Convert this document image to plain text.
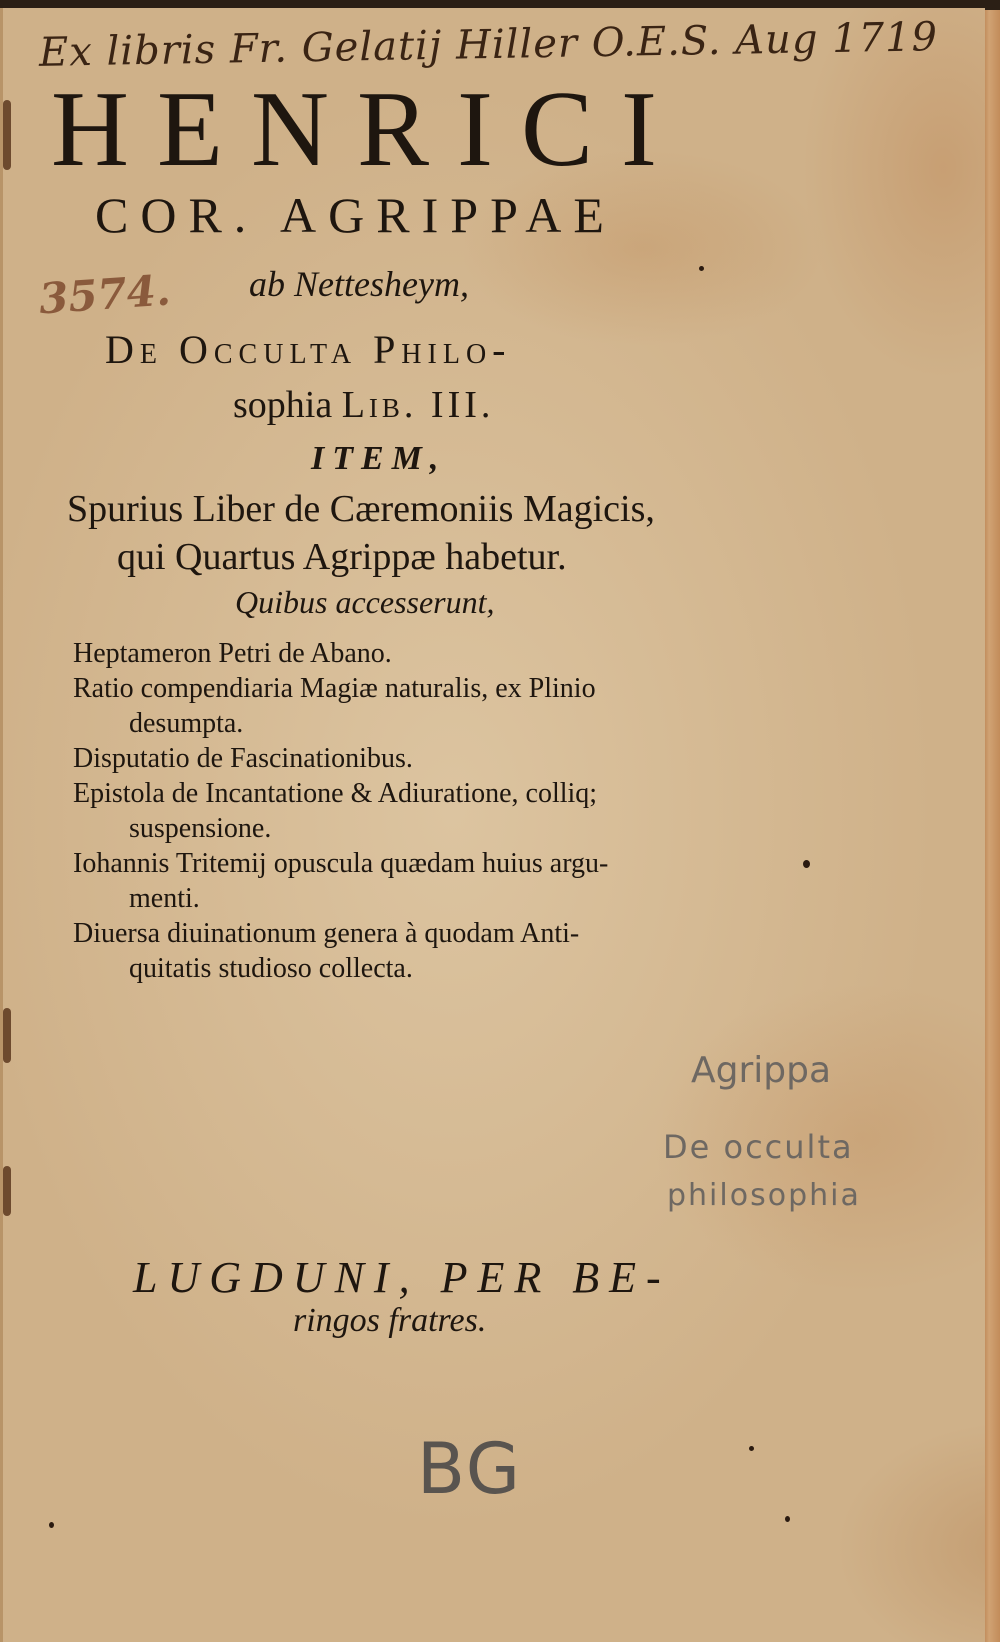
Ex libris Fr. Gelatij Hiller O.E.S. Aug 1719
3574.
HENRICI
COR. AGRIPPAE
ab Nettesheym,
De Occulta Philo-
sophia Lib. III.
ITEM,
Spurius Liber de Cæremoniis Magicis,
qui Quartus Agrippæ habetur.
Quibus accesserunt,
Heptameron Petri de Abano.
Ratio compendiaria Magiæ naturalis, ex Plinio
desumpta.
Disputatio de Fascinationibus.
Epistola de Incantatione & Adiuratione, colliq;
suspensione.
Iohannis Tritemij opuscula quædam huius argu-
menti.
Diuersa diuinationum genera à quodam Anti-
quitatis studioso collecta.
Agrippa
De occulta
philosophia
LUGDUNI, PER BE-
ringos fratres.
BG
